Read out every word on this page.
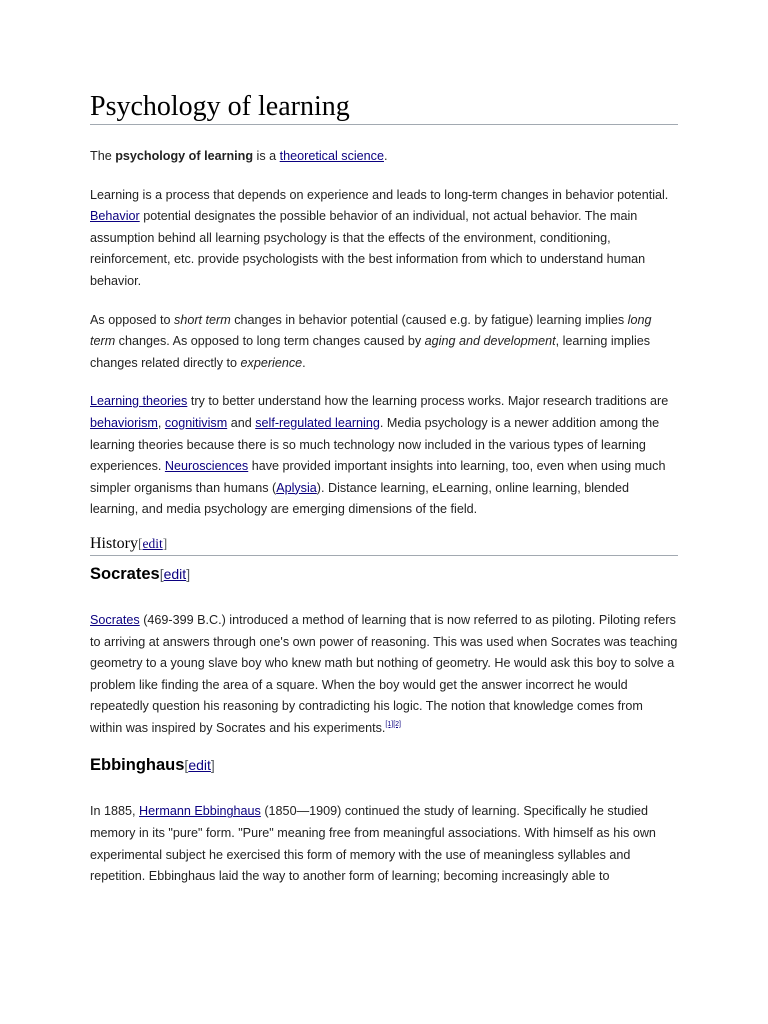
Psychology of learning

The psychology of learning is a theoretical science.

Learning is a process that depends on experience and leads to long-term changes in behavior potential. Behavior potential designates the possible behavior of an individual, not actual behavior. The main assumption behind all learning psychology is that the effects of the environment, conditioning, reinforcement, etc. provide psychologists with the best information from which to understand human behavior.

As opposed to short term changes in behavior potential (caused e.g. by fatigue) learning implies long term changes. As opposed to long term changes caused by aging and development, learning implies changes related directly to experience.

Learning theories try to better understand how the learning process works. Major research traditions are behaviorism, cognitivism and self-regulated learning. Media psychology is a newer addition among the learning theories because there is so much technology now included in the various types of learning experiences. Neurosciences have provided important insights into learning, too, even when using much simpler organisms than humans (Aplysia). Distance learning, eLearning, online learning, blended learning, and media psychology are emerging dimensions of the field.

History[edit]
Socrates[edit]

Socrates (469-399 B.C.) introduced a method of learning that is now referred to as piloting. Piloting refers to arriving at answers through one's own power of reasoning. This was used when Socrates was teaching geometry to a young slave boy who knew math but nothing of geometry. He would ask this boy to solve a problem like finding the area of a square. When the boy would get the answer incorrect he would repeatedly question his reasoning by contradicting his logic. The notion that knowledge comes from within was inspired by Socrates and his experiments.[1][2]

Ebbinghaus[edit]

In 1885, Hermann Ebbinghaus (1850—1909) continued the study of learning. Specifically he studied memory in its "pure" form. "Pure" meaning free from meaningful associations. With himself as his own experimental subject he exercised this form of memory with the use of meaningless syllables and repetition. Ebbinghaus laid the way to another form of learning; becoming increasingly able to
